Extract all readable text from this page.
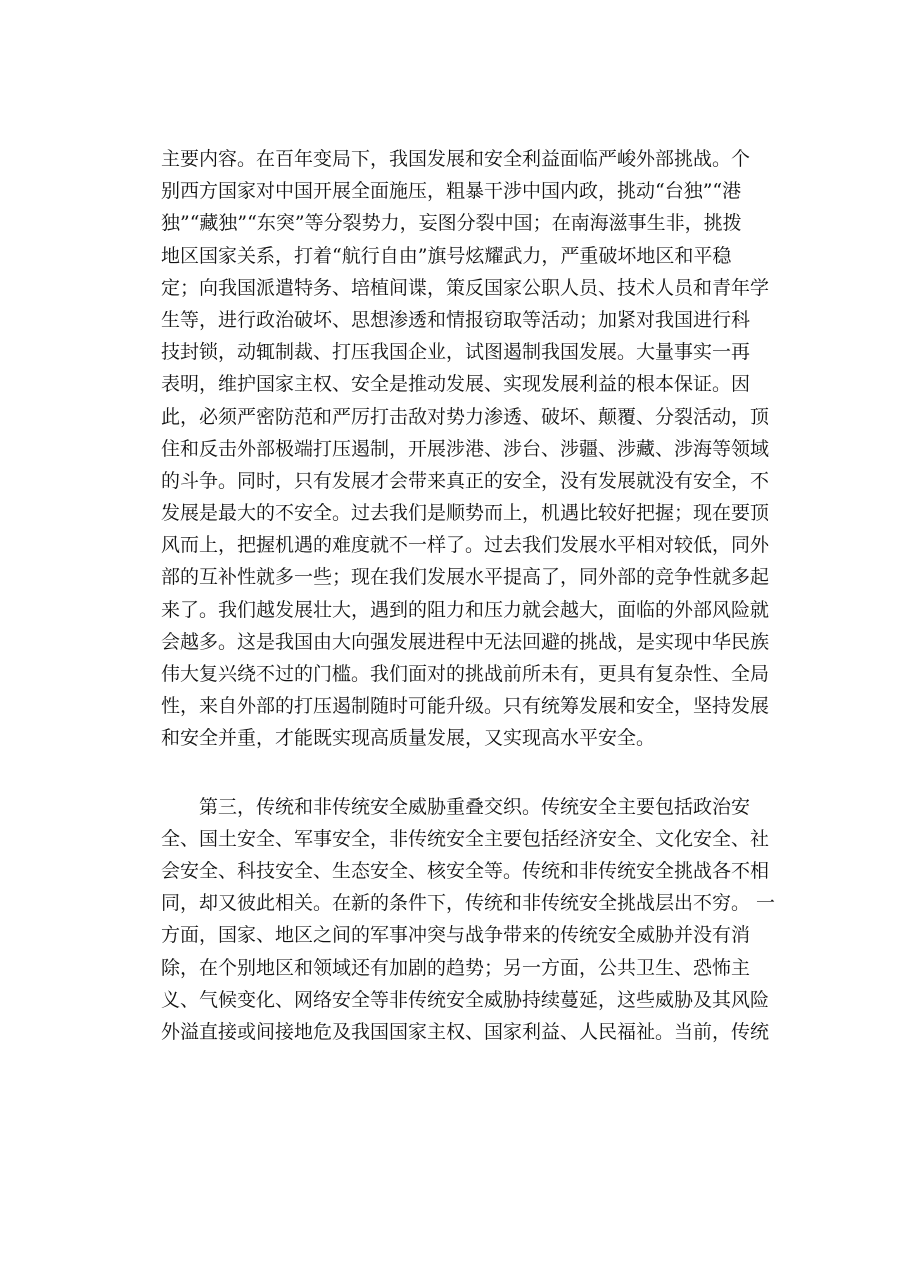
主要内容。在百年变局下，我国发展和安全利益面临严峻外部挑战。个
别西方国家对中国开展全面施压，粗暴干涉中国内政，挑动“台独”“港
独”“藏独”“东突”等分裂势力，妄图分裂中国；在南海滋事生非，挑拨
地区国家关系，打着“航行自由”旗号炫耀武力，严重破坏地区和平稳
定；向我国派遣特务、培植间谍，策反国家公职人员、技术人员和青年学
生等，进行政治破坏、思想渗透和情报窃取等活动；加紧对我国进行科
技封锁，动辄制裁、打压我国企业，试图遏制我国发展。大量事实一再
表明，维护国家主权、安全是推动发展、实现发展利益的根本保证。因
此，必须严密防范和严厉打击敌对势力渗透、破坏、颠覆、分裂活动，顶
住和反击外部极端打压遏制，开展涉港、涉台、涉疆、涉藏、涉海等领域
的斗争。同时，只有发展才会带来真正的安全，没有发展就没有安全，不
发展是最大的不安全。过去我们是顺势而上，机遇比较好把握；现在要顶
风而上，把握机遇的难度就不一样了。过去我们发展水平相对较低，同外
部的互补性就多一些；现在我们发展水平提高了，同外部的竞争性就多起
来了。我们越发展壮大，遇到的阻力和压力就会越大，面临的外部风险就
会越多。这是我国由大向强发展进程中无法回避的挑战，是实现中华民族
伟大复兴绕不过的门槛。我们面对的挑战前所未有，更具有复杂性、全局
性，来自外部的打压遏制随时可能升级。只有统筹发展和安全，坚持发展
和安全并重，才能既实现高质量发展，又实现高水平安全。
　　第三，传统和非传统安全威胁重叠交织。传统安全主要包括政治安
全、国土安全、军事安全，非传统安全主要包括经济安全、文化安全、社
会安全、科技安全、生态安全、核安全等。传统和非传统安全挑战各不相
同，却又彼此相关。在新的条件下，传统和非传统安全挑战层出不穷。 一
方面，国家、地区之间的军事冲突与战争带来的传统安全威胁并没有消
除，在个别地区和领域还有加剧的趋势；另一方面，公共卫生、恐怖主
义、气候变化、网络安全等非传统安全威胁持续蔓延，这些威胁及其风险
外溢直接或间接地危及我国国家主权、国家利益、人民福祉。当前，传统
